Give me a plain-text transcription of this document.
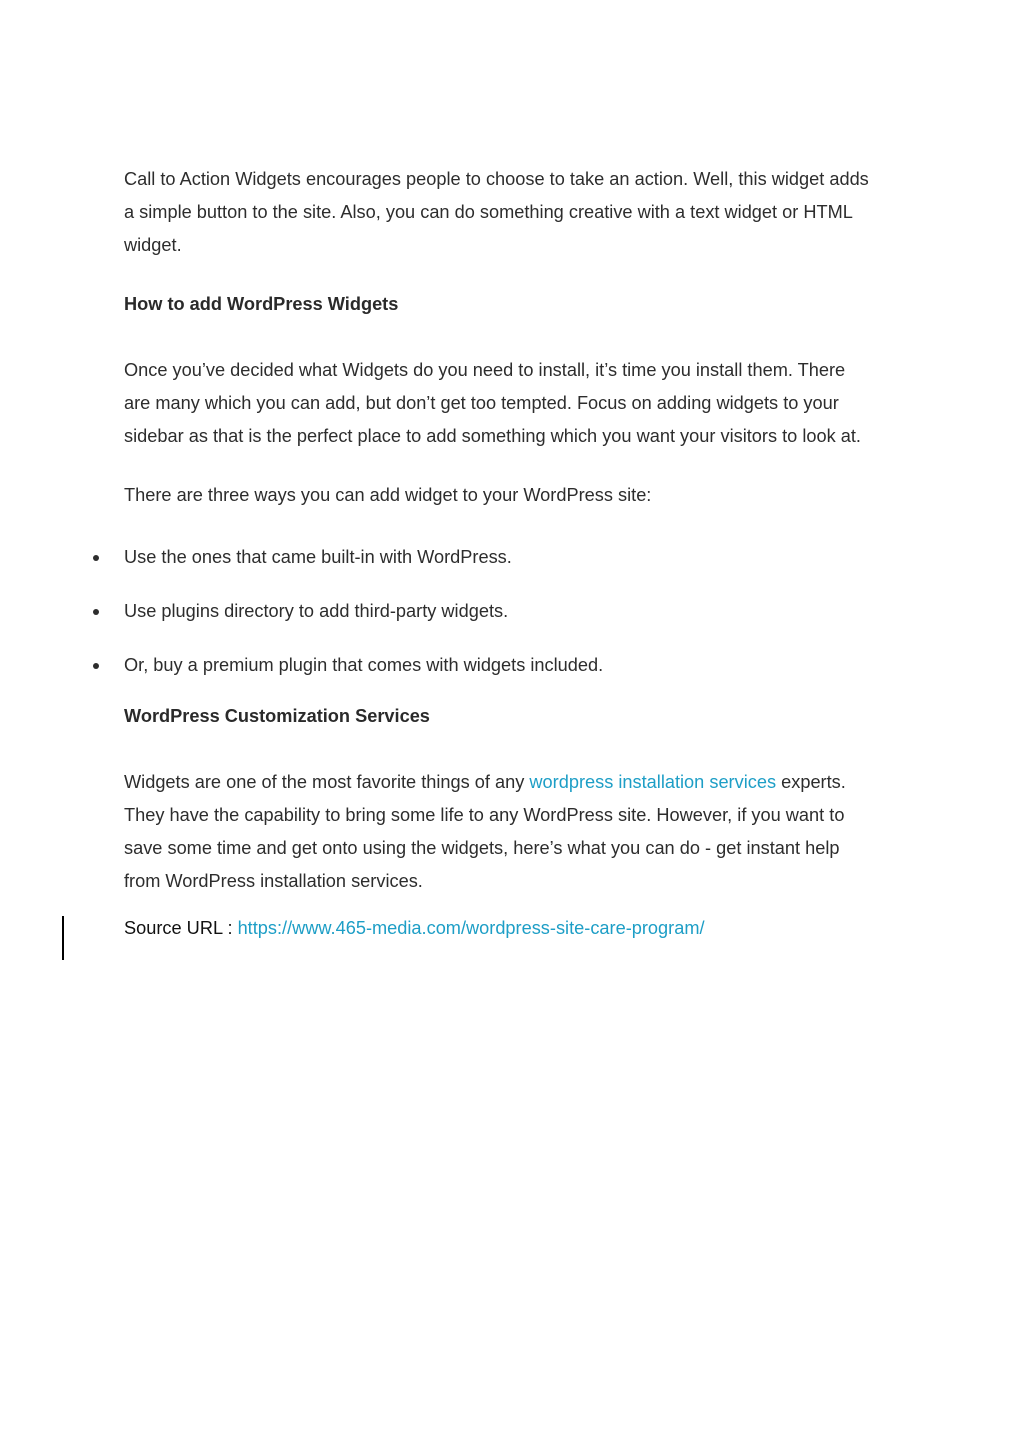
Call to Action Widgets encourages people to choose to take an action. Well, this widget adds
a simple button to the site. Also, you can do something creative with a text widget or HTML
widget.

How to add WordPress Widgets

Once you’ve decided what Widgets do you need to install, it’s time you install them. There
are many which you can add, but don’t get too tempted. Focus on adding widgets to your
sidebar as that is the perfect place to add something which you want your visitors to look at.

There are three ways you can add widget to your WordPress site:

Use the ones that came built-in with WordPress.
Use plugins directory to add third-party widgets.
Or, buy a premium plugin that comes with widgets included.
WordPress Customization Services

Widgets are one of the most favorite things of any wordpress installation services experts.
They have the capability to bring some life to any WordPress site. However, if you want to
save some time and get onto using the widgets, here’s what you can do - get instant help
from WordPress installation services.

Source URL : https://www.465-media.com/wordpress-site-care-program/
